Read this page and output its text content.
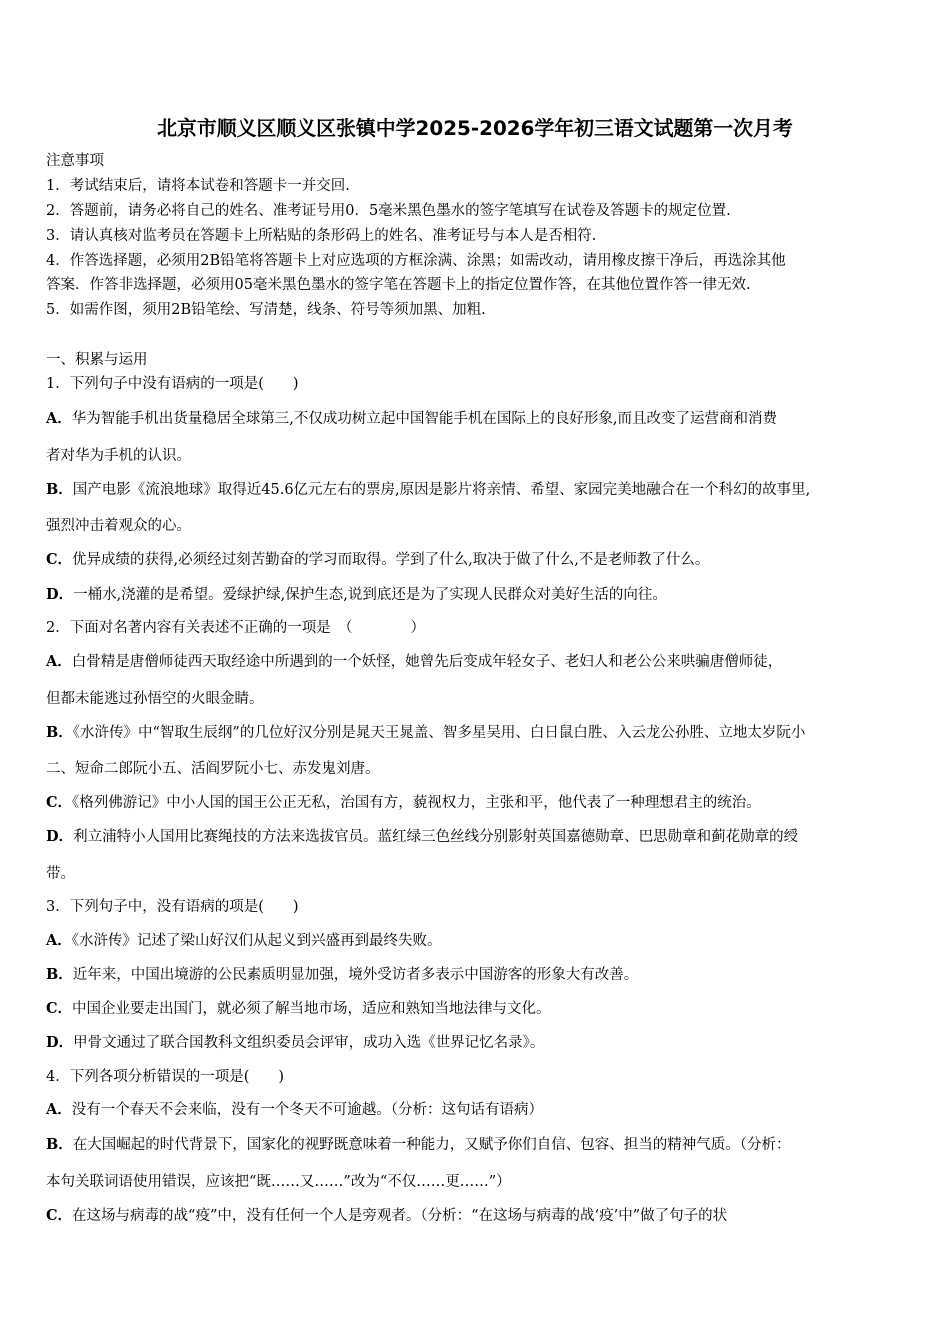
北京市顺义区顺义区张镇中学2025-2026学年初三语文试题第一次月考
注意事项
1．考试结束后，请将本试卷和答题卡一并交回.
2．答题前，请务必将自己的姓名、准考证号用0．5毫米黑色墨水的签字笔填写在试卷及答题卡的规定位置.
3．请认真核对监考员在答题卡上所粘贴的条形码上的姓名、准考证号与本人是否相符.
4．作答选择题，必须用2B铅笔将答题卡上对应选项的方框涂满、涂黑；如需改动，请用橡皮擦干净后，再选涂其他
答案．作答非选择题，必须用05毫米黑色墨水的签字笔在答题卡上的指定位置作答，在其他位置作答一律无效.
5．如需作图，须用2B铅笔绘、写清楚，线条、符号等须加黑、加粗.
一、积累与运用
1．下列句子中没有语病的一项是(　　)
A．华为智能手机出货量稳居全球第三,不仅成功树立起中国智能手机在国际上的良好形象,而且改变了运营商和消费
者对华为手机的认识。
B．国产电影《流浪地球》取得近45.6亿元左右的票房,原因是影片将亲情、希望、家园完美地融合在一个科幻的故事里,
强烈冲击着观众的心。
C．优异成绩的获得,必须经过刻苦勤奋的学习而取得。学到了什么,取决于做了什么,不是老师教了什么。
D．一桶水,浇灌的是希望。爱绿护绿,保护生态,说到底还是为了实现人民群众对美好生活的向往。
2．下面对名著内容有关表述不正确的一项是　（　　　　）
A．白骨精是唐僧师徒西天取经途中所遇到的一个妖怪，她曾先后变成年轻女子、老妇人和老公公来哄骗唐僧师徒，
但都未能逃过孙悟空的火眼金睛。
B．《水浒传》中“智取生辰纲”的几位好汉分别是晁天王晁盖、智多星吴用、白日鼠白胜、入云龙公孙胜、立地太岁阮小
二、短命二郎阮小五、活阎罗阮小七、赤发鬼刘唐。
C．《格列佛游记》中小人国的国王公正无私，治国有方，藐视权力，主张和平，他代表了一种理想君主的统治。
D．利立浦特小人国用比赛绳技的方法来选拔官员。蓝红绿三色丝线分别影射英国嘉德勋章、巴思勋章和蓟花勋章的绶
带。
3．下列句子中，没有语病的项是(　　)
A．《水浒传》记述了梁山好汉们从起义到兴盛再到最终失败。
B．近年来，中国出境游的公民素质明显加强，境外受访者多表示中国游客的形象大有改善。
C．中国企业要走出国门，就必须了解当地市场，适应和熟知当地法律与文化。
D．甲骨文通过了联合国教科文组织委员会评审，成功入选《世界记忆名录》。
4．下列各项分析错误的一项是(　　)
A．没有一个春天不会来临，没有一个冬天不可逾越。（分析：这句话有语病）
B．在大国崛起的时代背景下，国家化的视野既意味着一种能力，又赋予你们自信、包容、担当的精神气质。（分析：
本句关联词语使用错误，应该把“既……又……”改为“不仅……更……”）
C．在这场与病毒的战“疫”中，没有任何一个人是旁观者。（分析：“在这场与病毒的战‘疫’中”做了句子的状
